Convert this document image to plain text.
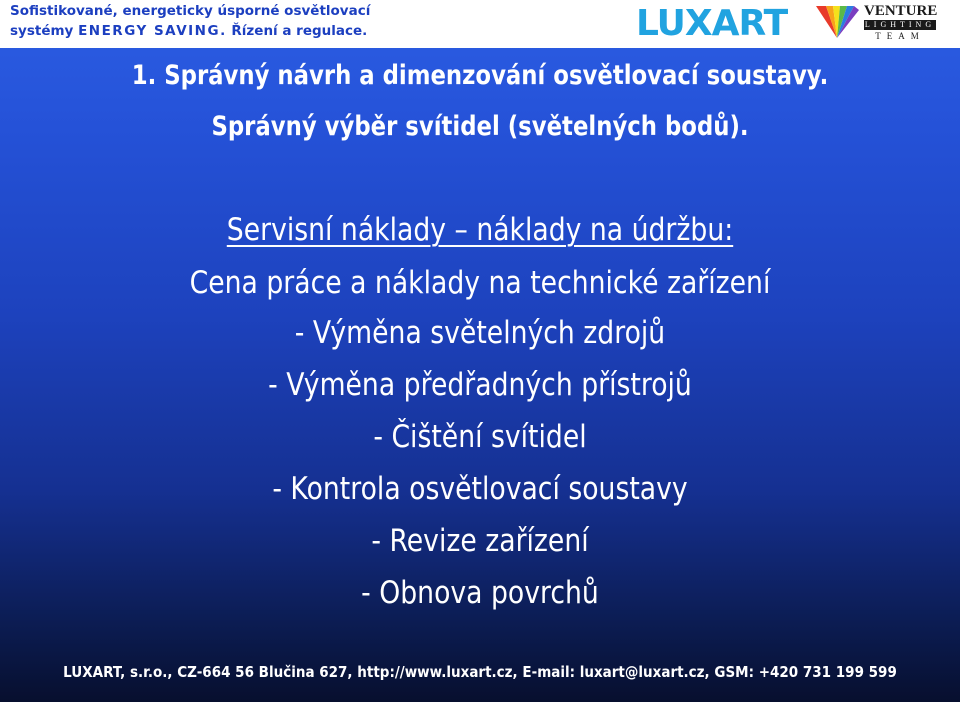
Sofistikované, energeticky úsporné osvětlovací
systémy ENERGY SAVING. Řízení a regulace.	LUXART	VENTURE
LIGHTING
TEAM
1. Správný návrh a dimenzování osvětlovací soustavy.
Správný výběr svítidel (světelných bodů).
Servisní náklady – náklady na údržbu:
Cena práce a náklady na technické zařízení
- Výměna světelných zdrojů
- Výměna předřadných přístrojů
- Čištění svítidel
- Kontrola osvětlovací soustavy
- Revize zařízení
- Obnova povrchů
LUXART, s.r.o., CZ-664 56 Blučina 627, http://www.luxart.cz, E-mail: luxart@luxart.cz, GSM: +420 731 199 599
